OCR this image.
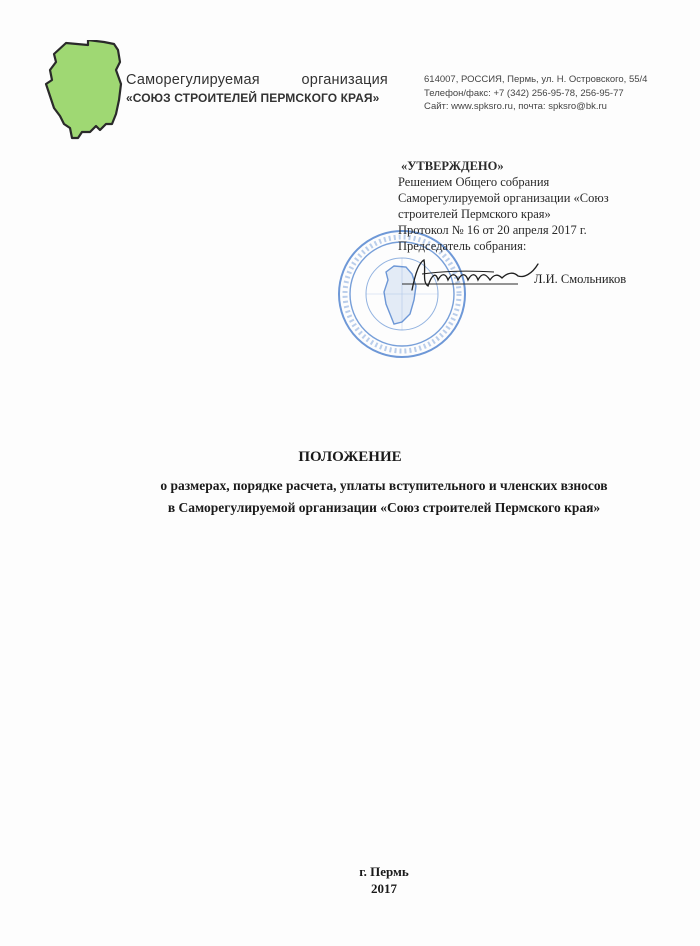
Саморегулируемая	организация
«СОЮЗ СТРОИТЕЛЕЙ ПЕРМСКОГО КРАЯ»
614007, РОССИЯ, Пермь, ул. Н. Островского, 55/4
Телефон/факс: +7 (342) 256-95-78, 256-95-77
Сайт: www.spksro.ru, почта: spksro@bk.ru
«УТВЕРЖДЕНО»
Решением Общего собрания
Саморегулируемой организации «Союз
строителей Пермского края»
Протокол № 16 от 20 апреля 2017 г.
Председатель собрания:
Л.И. Смольников
ПОЛОЖЕНИЕ
о размерах, порядке расчета, уплаты вступительного и членских взносов
в Саморегулируемой организации «Союз строителей Пермского края»
г. Пермь
2017
